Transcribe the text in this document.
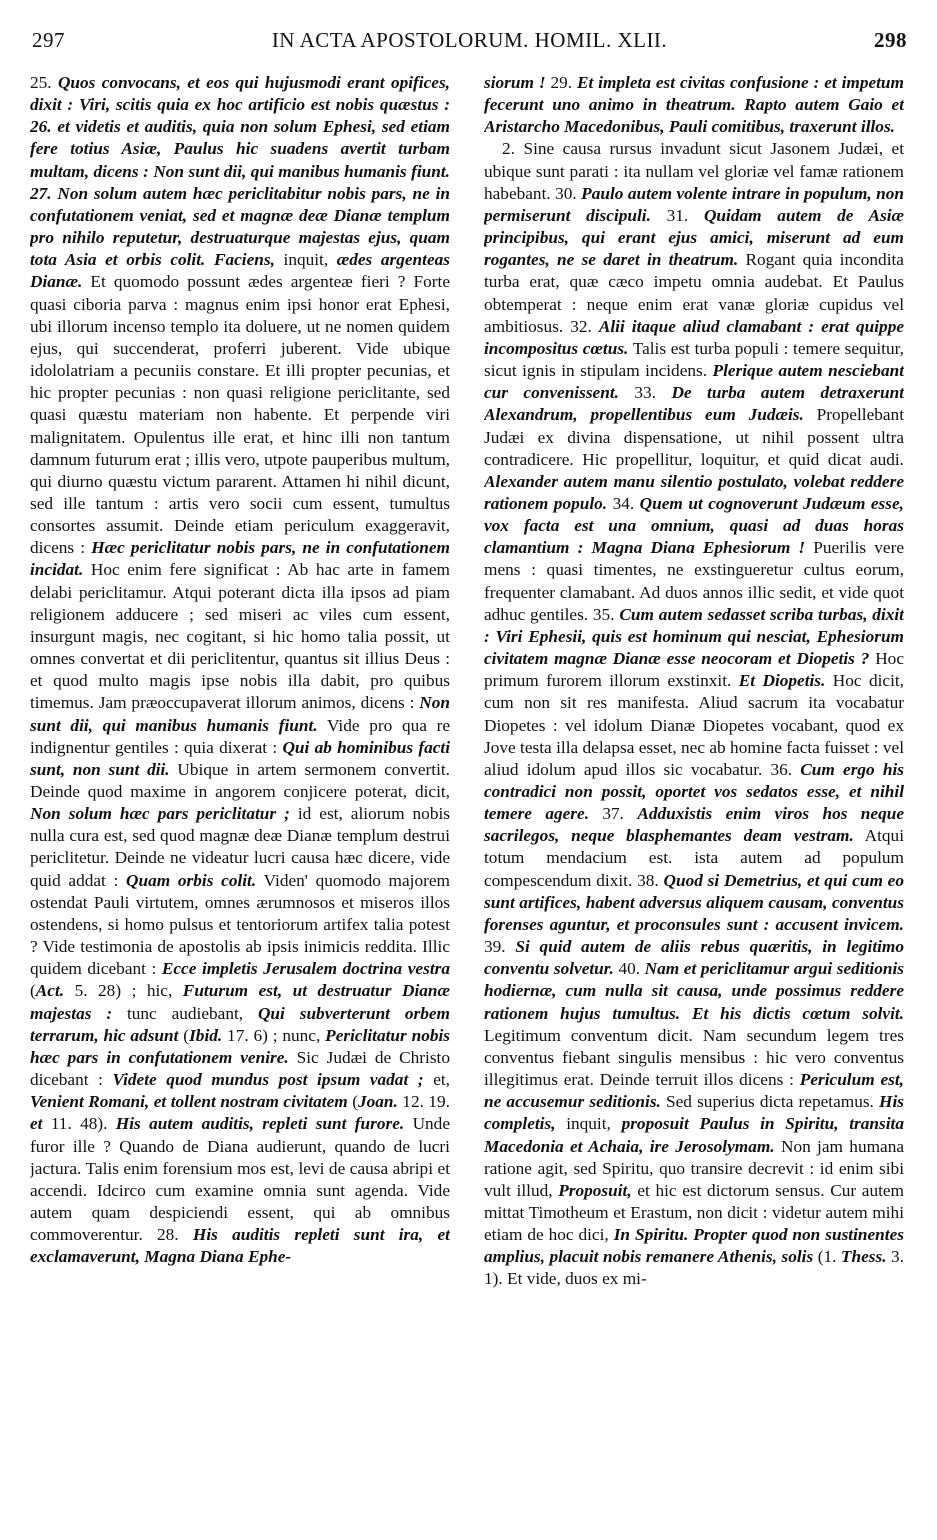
297	IN ACTA APOSTOLORUM. HOMIL. XLII.	298

25. Quos convocans, et eos qui hujusmodi erant opifices, dixit : Viri, scitis quia ex hoc artificio est nobis quæstus : 26. et videtis et auditis, quia non solum Ephesi, sed etiam fere totius Asiæ, Paulus hic suadens avertit turbam multam, dicens : Non sunt dii, qui manibus humanis fiunt. 27. Non solum autem hæc periclitabitur nobis pars, ne in confutationem veniat, sed et magnæ deæ Dianæ templum pro nihilo reputetur, destruaturque majestas ejus, quam tota Asia et orbis colit. Faciens, inquit, ædes argenteas Dianæ. Et quomodo possunt ædes argenteæ fieri ? Forte quasi ciboria parva : magnus enim ipsi honor erat Ephesi, ubi illorum incenso templo ita doluere, ut ne nomen quidem ejus, qui succenderat, proferri juberent. Vide ubique idololatriam a pecuniis constare. Et illi propter pecunias, et hic propter pecunias : non quasi religione periclitante, sed quasi quæstu materiam non habente. Et perpende viri malignitatem. Opulentus ille erat, et hinc illi non tantum damnum futurum erat ; illis vero, utpote pauperibus multum, qui diurno quæstu victum pararent. Attamen hi nihil dicunt, sed ille tantum : artis vero socii cum essent, tumultus consortes assumit. Deinde etiam periculum exaggeravit, dicens : Hæc periclitatur nobis pars, ne in confutationem incidat. Hoc enim fere significat : Ab hac arte in famem delabi periclitamur. Atqui poterant dicta illa ipsos ad piam religionem adducere ; sed miseri ac viles cum essent, insurgunt magis, nec cogitant, si hic homo talia possit, ut omnes convertat et dii periclitentur, quantus sit illius Deus : et quod multo magis ipse nobis illa dabit, pro quibus timemus. Jam præoccupaverat illorum animos, dicens : Non sunt dii, qui manibus humanis fiunt. Vide pro qua re indignentur gentiles : quia dixerat : Qui ab hominibus facti sunt, non sunt dii. Ubique in artem sermonem convertit. Deinde quod maxime in angorem conjicere poterat, dicit, Non solum hæc pars periclitatur ; id est, aliorum nobis nulla cura est, sed quod magnæ deæ Dianæ templum destrui periclitetur. Deinde ne videatur lucri causa hæc dicere, vide quid addat : Quam orbis colit. Viden' quomodo majorem ostendat Pauli virtutem, omnes ærumnosos et miseros illos ostendens, si homo pulsus et tentoriorum artifex talia potest ? Vide testimonia de apostolis ab ipsis inimicis reddita. Illic quidem dicebant : Ecce impletis Jerusalem doctrina vestra (Act. 5. 28) ; hic, Futurum est, ut destruatur Dianæ majestas : tunc audiebant, Qui subverterunt orbem terrarum, hic adsunt (Ibid. 17. 6) ; nunc, Periclitatur nobis hæc pars in confutationem venire. Sic Judæi de Christo dicebant : Videte quod mundus post ipsum vadat ; et, Venient Romani, et tollent nostram civitatem (Joan. 12. 19. et 11. 48). His autem auditis, repleti sunt furore. Unde furor ille ? Quando de Diana audierunt, quando de lucri jactura. Talis enim forensium mos est, levi de causa abripi et accendi. Idcirco cum examine omnia sunt agenda. Vide autem quam despiciendi essent, qui ab omnibus commoverentur. 28. His auditis repleti sunt ira, et exclamaverunt, Magna Diana Ephe-

siorum ! 29. Et impleta est civitas confusione : et impetum fecerunt uno animo in theatrum. Rapto autem Gaio et Aristarcho Macedonibus, Pauli comitibus, traxerunt illos.

2. Sine causa rursus invadunt sicut Jasonem Judæi, et ubique sunt parati : ita nullam vel gloriæ vel famæ rationem habebant. 30. Paulo autem volente intrare in populum, non permiserunt discipuli. 31. Quidam autem de Asiæ principibus, qui erant ejus amici, miserunt ad eum rogantes, ne se daret in theatrum. Rogant quia incondita turba erat, quæ cæco impetu omnia audebat. Et Paulus obtemperat : neque enim erat vanæ gloriæ cupidus vel ambitiosus. 32. Alii itaque aliud clamabant : erat quippe incompositus cœtus. Talis est turba populi : temere sequitur, sicut ignis in stipulam incidens. Plerique autem nesciebant cur convenissent. 33. De turba autem detraxerunt Alexandrum, propellentibus eum Judæis. Propellebant Judæi ex divina dispensatione, ut nihil possent ultra contradicere. Hic propellitur, loquitur, et quid dicat audi. Alexander autem manu silentio postulato, volebat reddere rationem populo. 34. Quem ut cognoverunt Judæum esse, vox facta est una omnium, quasi ad duas horas clamantium : Magna Diana Ephesiorum ! Puerilis vere mens : quasi timentes, ne exstingueretur cultus eorum, frequenter clamabant. Ad duos annos illic sedit, et vide quot adhuc gentiles. 35. Cum autem sedasset scriba turbas, dixit : Viri Ephesii, quis est hominum qui nesciat, Ephesiorum civitatem magnæ Dianæ esse neocoram et Diopetis ? Hoc primum furorem illorum exstinxit. Et Diopetis. Hoc dicit, cum non sit res manifesta. Aliud sacrum ita vocabatur Diopetes : vel idolum Dianæ Diopetes vocabant, quod ex Jove testa illa delapsa esset, nec ab homine facta fuisset : vel aliud idolum apud illos sic vocabatur. 36. Cum ergo his contradici non possit, oportet vos sedatos esse, et nihil temere agere. 37. Adduxistis enim viros hos neque sacrilegos, neque blasphemantes deam vestram. Atqui totum mendacium est. ista autem ad populum compescendum dixit. 38. Quod si Demetrius, et qui cum eo sunt artifices, habent adversus aliquem causam, conventus forenses aguntur, et proconsules sunt : accusent invicem. 39. Si quid autem de aliis rebus quæritis, in legitimo conventu solvetur. 40. Nam et periclitamur argui seditionis hodiernæ, cum nulla sit causa, unde possimus reddere rationem hujus tumultus. Et his dictis cœtum solvit. Legitimum conventum dicit. Nam secundum legem tres conventus fiebant singulis mensibus : hic vero conventus illegitimus erat. Deinde terruit illos dicens : Periculum est, ne accusemur seditionis. Sed superius dicta repetamus. His completis, inquit, proposuit Paulus in Spiritu, transita Macedonia et Achaia, ire Jerosolymam. Non jam humana ratione agit, sed Spiritu, quo transire decrevit : id enim sibi vult illud, Proposuit, et hic est dictorum sensus. Cur autem mittat Timotheum et Erastum, non dicit : videtur autem mihi etiam de hoc dici, In Spiritu. Propter quod non sustinentes amplius, placuit nobis remanere Athenis, solis (1. Thess. 3. 1). Et vide, duos ex mi-
